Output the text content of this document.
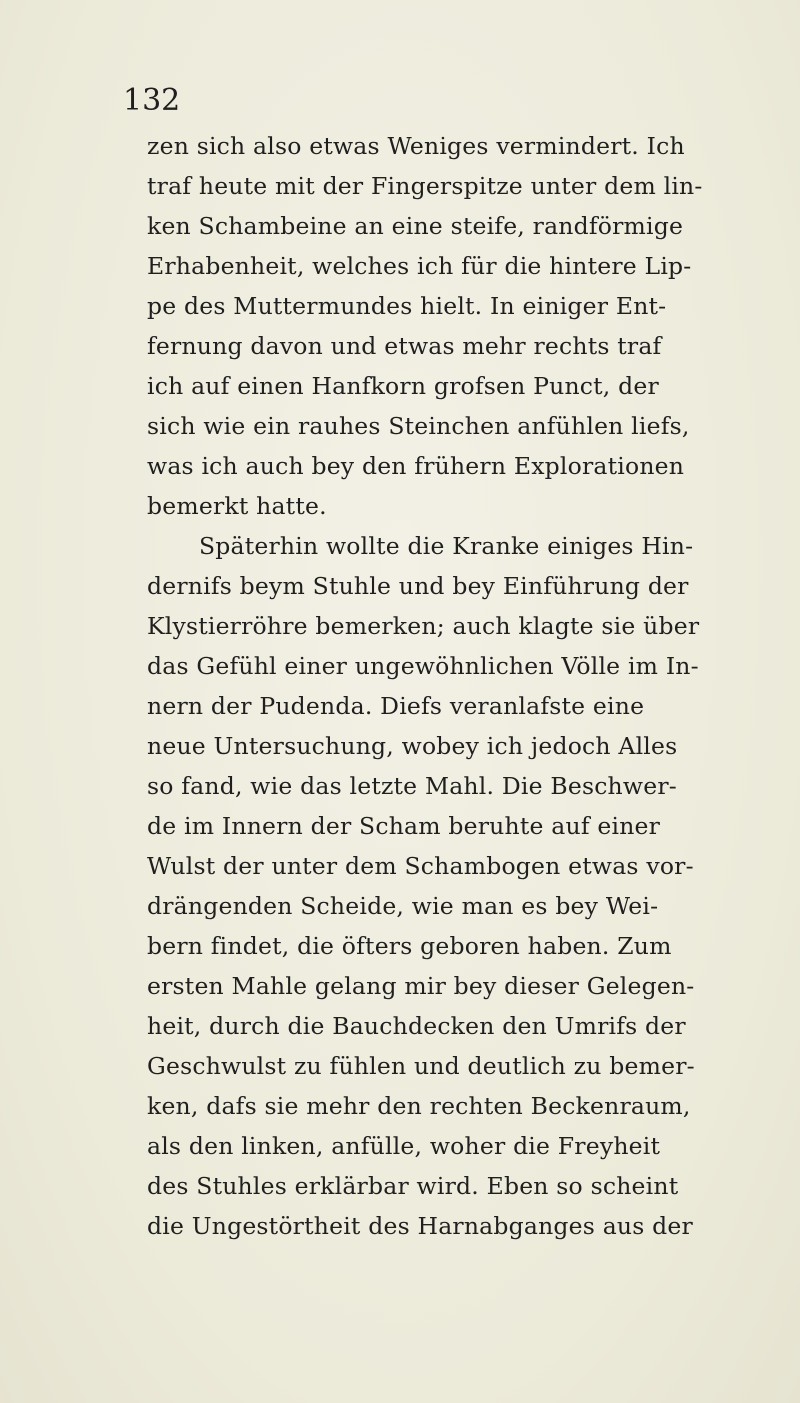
132
zen sich also etwas Weniges vermindert. Ich
traf heute mit der Fingerspitze unter dem lin-
ken Schambeine an eine steife, randförmige
Erhabenheit, welches ich für die hintere Lip-
pe des Muttermundes hielt. In einiger Ent-
fernung davon und etwas mehr rechts traf
ich auf einen Hanfkorn grofsen Punct, der
sich wie ein rauhes Steinchen anfühlen liefs,
was ich auch bey den frühern Explorationen
bemerkt hatte.
Späterhin wollte die Kranke einiges Hin-
dernifs beym Stuhle und bey Einführung der
Klystierröhre bemerken; auch klagte sie über
das Gefühl einer ungewöhnlichen Völle im In-
nern der Pudenda. Diefs veranlafste eine
neue Untersuchung, wobey ich jedoch Alles
so fand, wie das letzte Mahl. Die Beschwer-
de im Innern der Scham beruhte auf einer
Wulst der unter dem Schambogen etwas vor-
drängenden Scheide, wie man es bey Wei-
bern findet, die öfters geboren haben. Zum
ersten Mahle gelang mir bey dieser Gelegen-
heit, durch die Bauchdecken den Umrifs der
Geschwulst zu fühlen und deutlich zu bemer-
ken, dafs sie mehr den rechten Beckenraum,
als den linken, anfülle, woher die Freyheit
des Stuhles erklärbar wird. Eben so scheint
die Ungestörtheit des Harnabganges aus der
